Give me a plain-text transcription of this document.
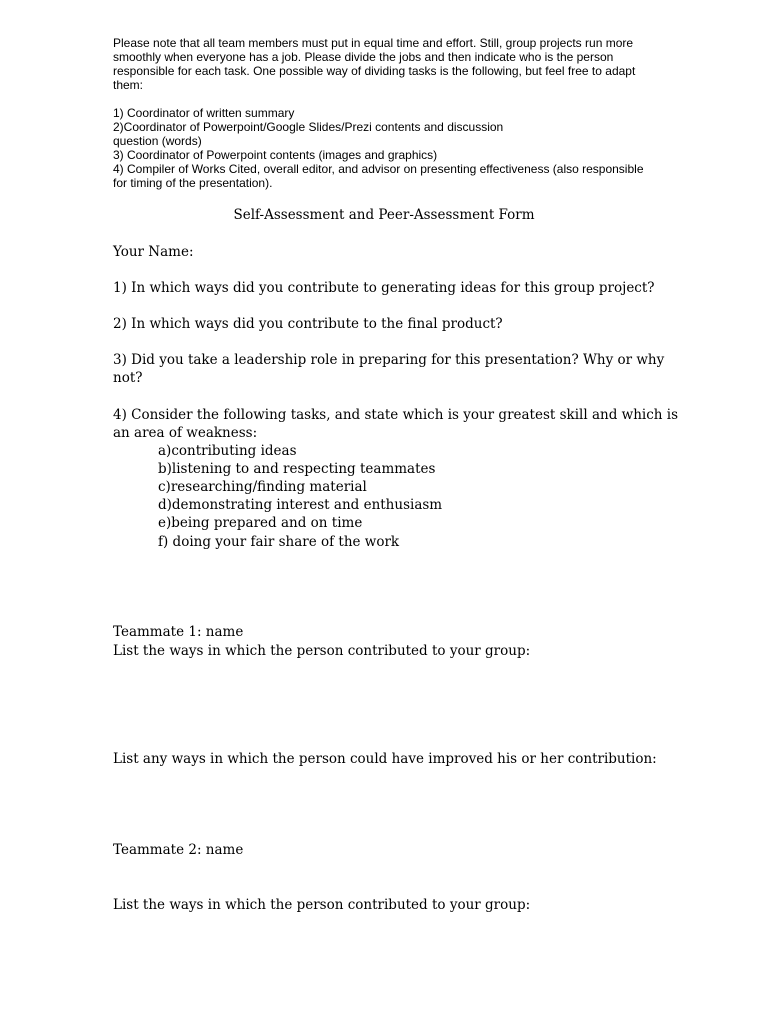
Please note that all team members must put in equal time and effort. Still, group projects run more
smoothly when everyone has a job. Please divide the jobs and then indicate who is the person
responsible for each task. One possible way of dividing tasks is the following, but feel free to adapt
them:
1) Coordinator of written summary
2)Coordinator of Powerpoint/Google Slides/Prezi contents and discussion
question (words)
3) Coordinator of Powerpoint contents (images and graphics)
4) Compiler of Works Cited, overall editor, and advisor on presenting effectiveness (also responsible
for timing of the presentation).
Self-Assessment and Peer-Assessment Form
Your Name:
1) In which ways did you contribute to generating ideas for this group project?
2) In which ways did you contribute to the final product?
3) Did you take a leadership role in preparing for this presentation? Why or why
not?
4) Consider the following tasks, and state which is your greatest skill and which is
an area of weakness:
a)contributing ideas
b)listening to and respecting teammates
c)researching/finding material
d)demonstrating interest and enthusiasm
e)being prepared and on time
f) doing your fair share of the work
Teammate 1: name
List the ways in which the person contributed to your group:
List any ways in which the person could have improved his or her contribution:
Teammate 2: name
List the ways in which the person contributed to your group:
